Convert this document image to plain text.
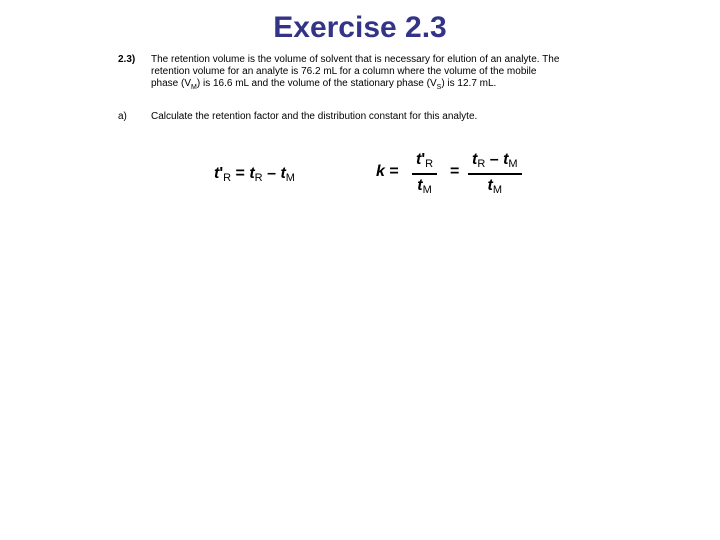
Exercise 2.3
2.3) The retention volume is the volume of solvent that is necessary for elution of an analyte. The retention volume for an analyte is 76.2 mL for a column where the volume of the mobile phase $(V_M)$ is 16.6 mL and the volume of the stationary phase $(V_S)$ is 12.7 mL.
a) Calculate the retention factor and the distribution constant for this analyte.
$t'_R = t_R - t_M$	$k = \frac{t'_R}{t_M} = \frac{t_R - t_M}{t_M}$
